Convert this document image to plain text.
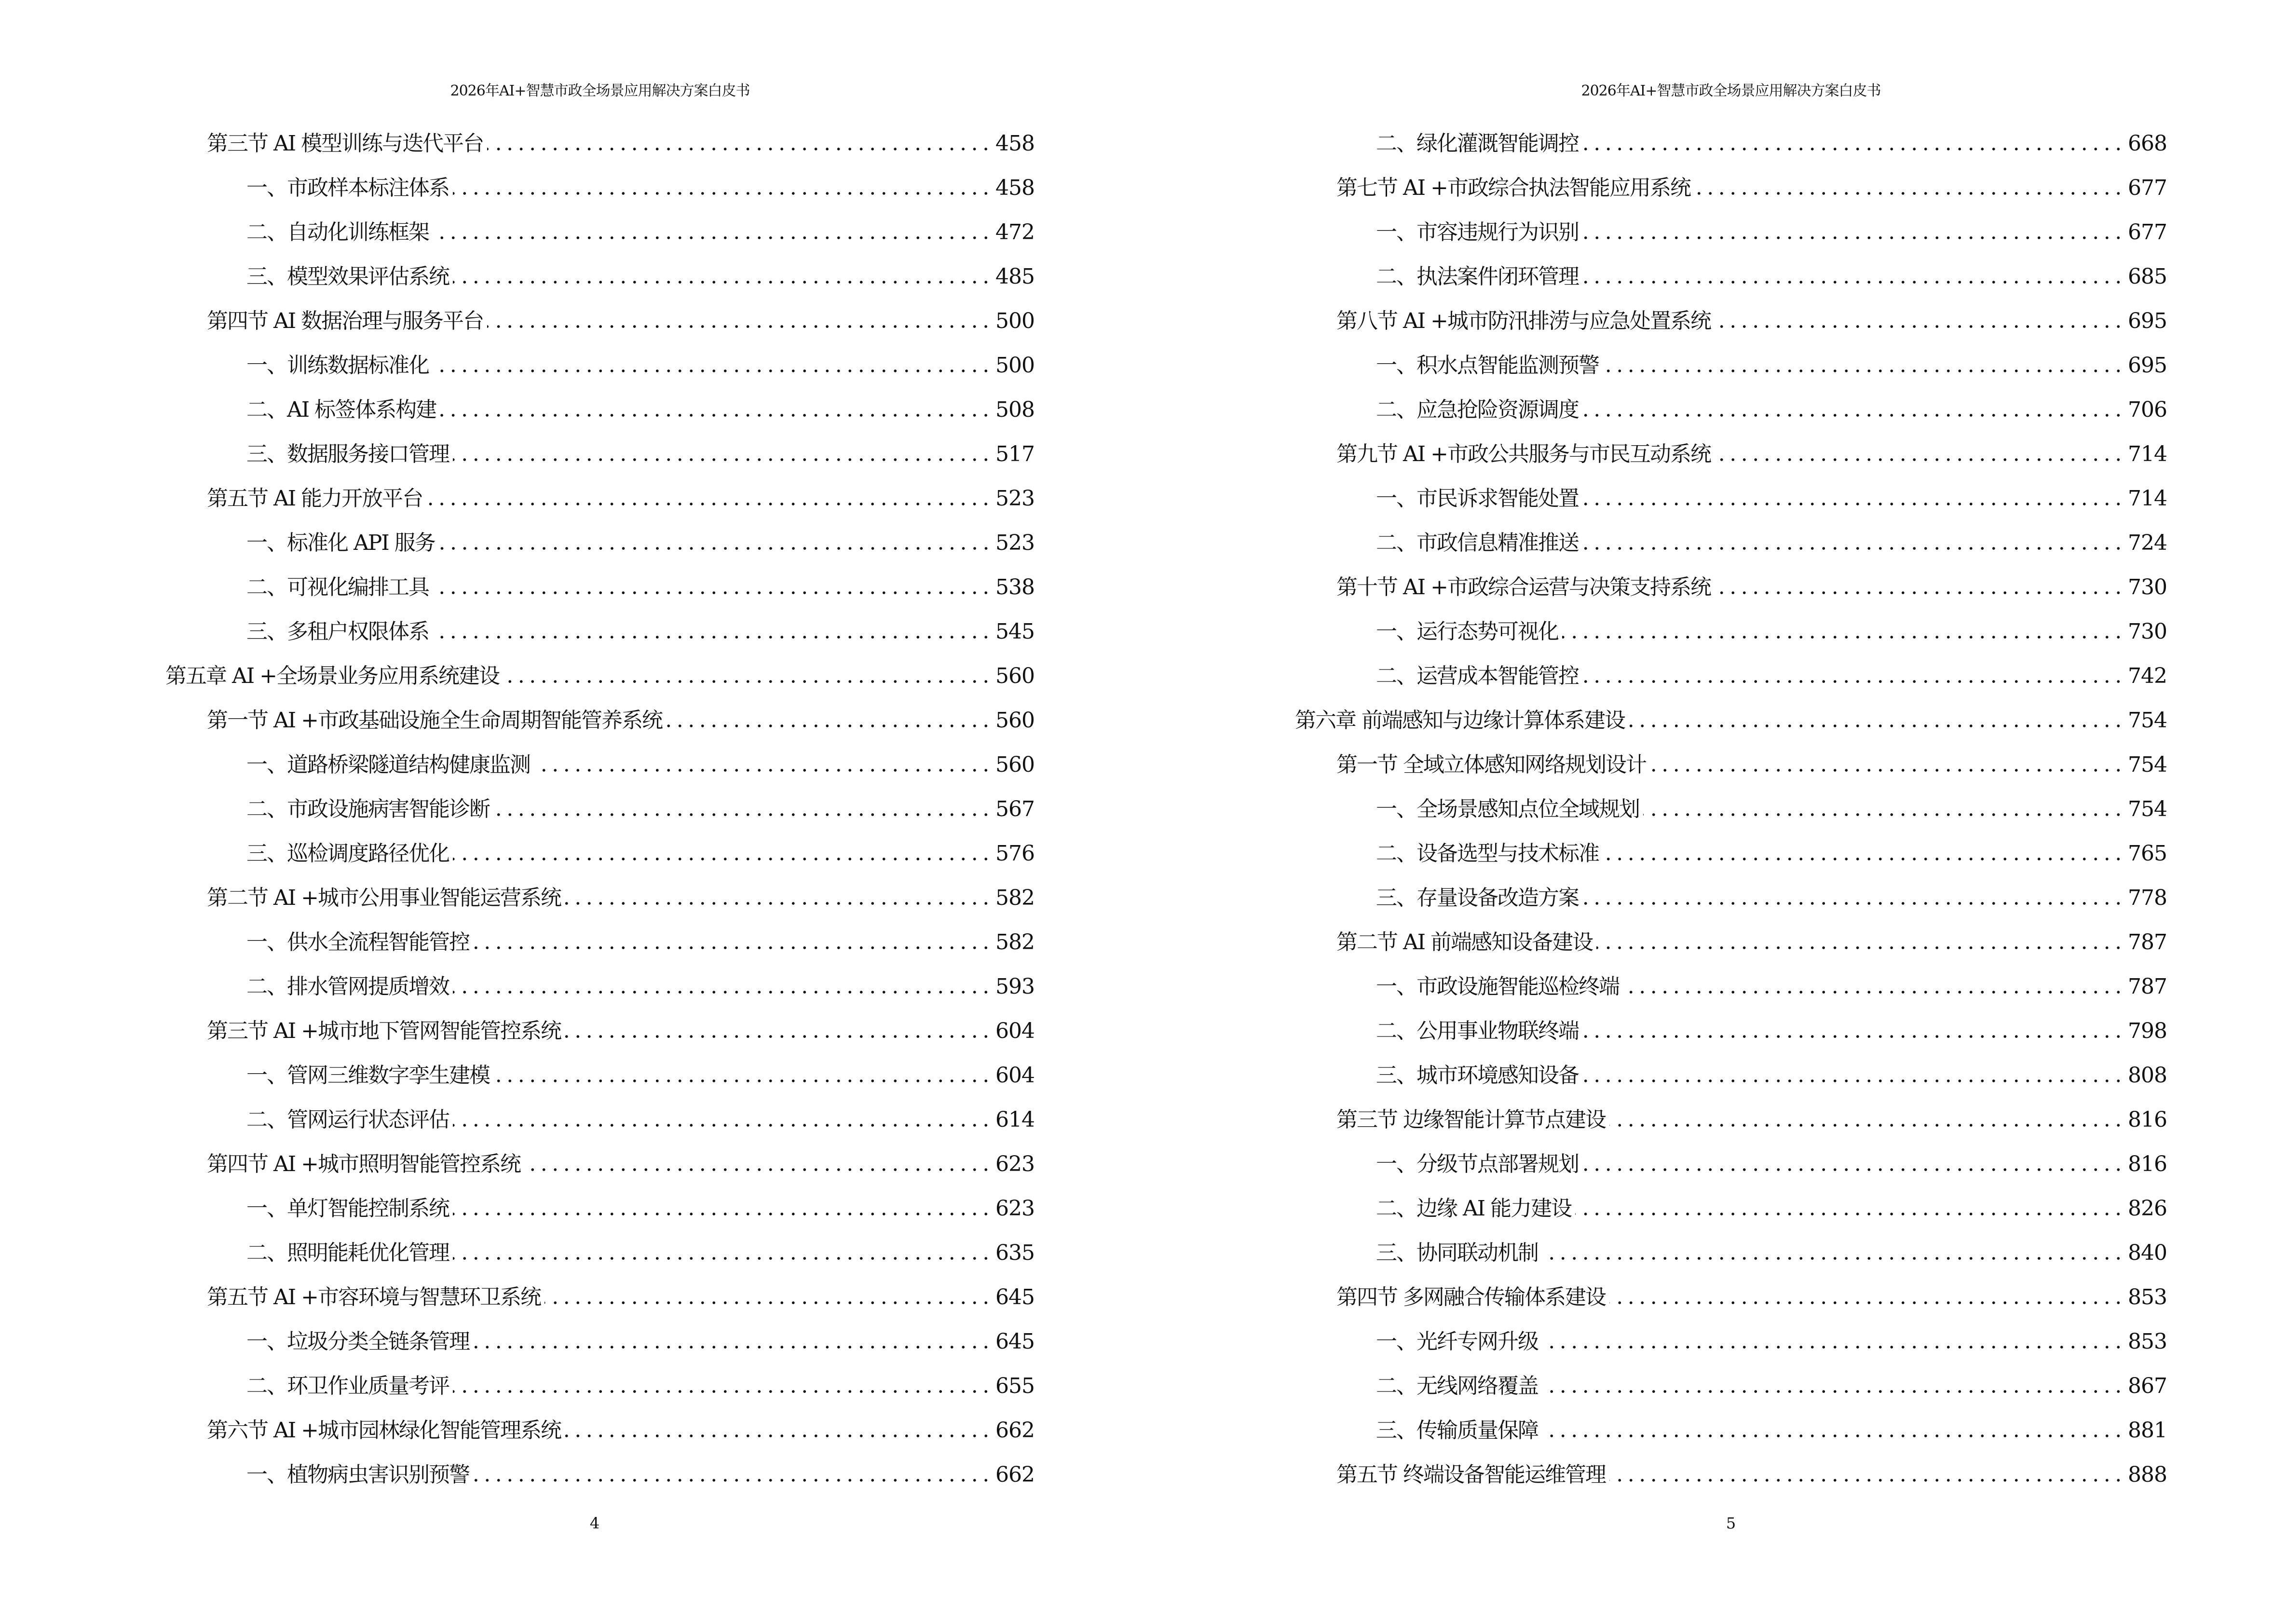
2026年AI+智慧市政全场景应用解决方案白皮书
第三节 AI 模型训练与迭代平台	458
一、市政样本标注体系	458
二、自动化训练框架	472
三、模型效果评估系统	485
第四节 AI 数据治理与服务平台	500
一、训练数据标准化	500
二、AI 标签体系构建	508
三、数据服务接口管理	517
第五节 AI 能力开放平台	523
一、标准化 API 服务	523
二、可视化编排工具	538
三、多租户权限体系	545
第五章 AI +全场景业务应用系统建设	560
第一节 AI +市政基础设施全生命周期智能管养系统	560
一、道路桥梁隧道结构健康监测	560
二、市政设施病害智能诊断	567
三、巡检调度路径优化	576
第二节 AI +城市公用事业智能运营系统	582
一、供水全流程智能管控	582
二、排水管网提质增效	593
第三节 AI +城市地下管网智能管控系统	604
一、管网三维数字孪生建模	604
二、管网运行状态评估	614
第四节 AI +城市照明智能管控系统	623
一、单灯智能控制系统	623
二、照明能耗优化管理	635
第五节 AI +市容环境与智慧环卫系统	645
一、垃圾分类全链条管理	645
二、环卫作业质量考评	655
第六节 AI +城市园林绿化智能管理系统	662
一、植物病虫害识别预警	662
4
2026年AI+智慧市政全场景应用解决方案白皮书
二、绿化灌溉智能调控	668
第七节 AI +市政综合执法智能应用系统	677
一、市容违规行为识别	677
二、执法案件闭环管理	685
第八节 AI +城市防汛排涝与应急处置系统	695
一、积水点智能监测预警	695
二、应急抢险资源调度	706
第九节 AI +市政公共服务与市民互动系统	714
一、市民诉求智能处置	714
二、市政信息精准推送	724
第十节 AI +市政综合运营与决策支持系统	730
一、运行态势可视化	730
二、运营成本智能管控	742
第六章 前端感知与边缘计算体系建设	754
第一节 全域立体感知网络规划设计	754
一、全场景感知点位全域规划	754
二、设备选型与技术标准	765
三、存量设备改造方案	778
第二节 AI 前端感知设备建设	787
一、市政设施智能巡检终端	787
二、公用事业物联终端	798
三、城市环境感知设备	808
第三节 边缘智能计算节点建设	816
一、分级节点部署规划	816
二、边缘 AI 能力建设	826
三、协同联动机制	840
第四节 多网融合传输体系建设	853
一、光纤专网升级	853
二、无线网络覆盖	867
三、传输质量保障	881
第五节 终端设备智能运维管理	888
5
